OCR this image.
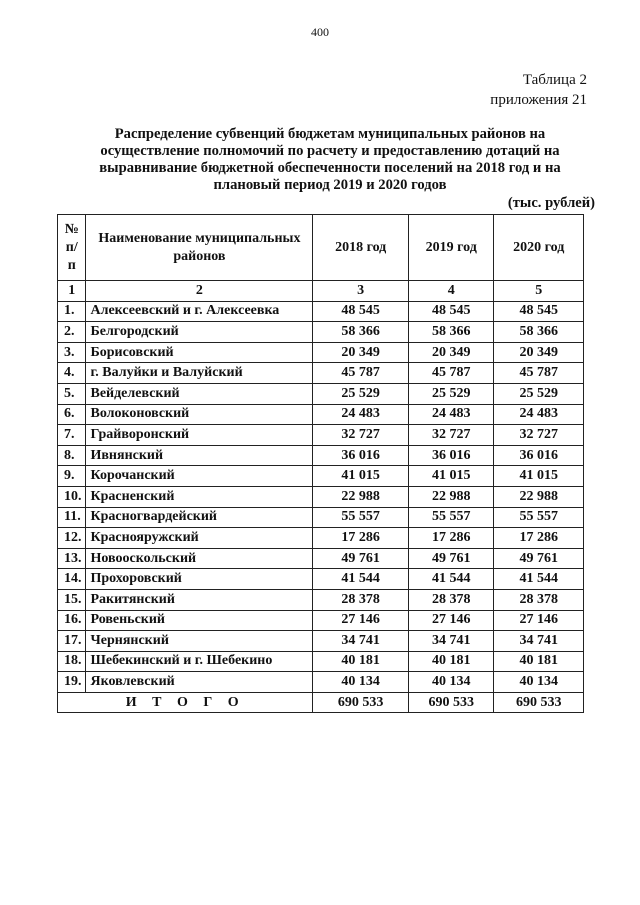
400
Таблица 2
приложения 21
Распределение субвенций бюджетам муниципальных районов на
осуществление полномочий по расчету и предоставлению дотаций на
выравнивание бюджетной обеспеченности поселений на 2018 год и на
плановый период 2019 и 2020 годов
(тыс. рублей)
№ п/п	Наименование муниципальных районов	2018 год	2019 год	2020 год
1	2	3	4	5
1.	Алексеевский и г. Алексеевка	48 545	48 545	48 545
2.	Белгородский	58 366	58 366	58 366
3.	Борисовский	20 349	20 349	20 349
4.	г. Валуйки и Валуйский	45 787	45 787	45 787
5.	Вейделевский	25 529	25 529	25 529
6.	Волоконовский	24 483	24 483	24 483
7.	Грайворонский	32 727	32 727	32 727
8.	Ивнянский	36 016	36 016	36 016
9.	Корочанский	41 015	41 015	41 015
10.	Красненский	22 988	22 988	22 988
11.	Красногвардейский	55 557	55 557	55 557
12.	Краснояружский	17 286	17 286	17 286
13.	Новооскольский	49 761	49 761	49 761
14.	Прохоровский	41 544	41 544	41 544
15.	Ракитянский	28 378	28 378	28 378
16.	Ровеньский	27 146	27 146	27 146
17.	Чернянский	34 741	34 741	34 741
18.	Шебекинский и г. Шебекино	40 181	40 181	40 181
19.	Яковлевский	40 134	40 134	40 134
И Т О Г О		690 533	690 533	690 533
